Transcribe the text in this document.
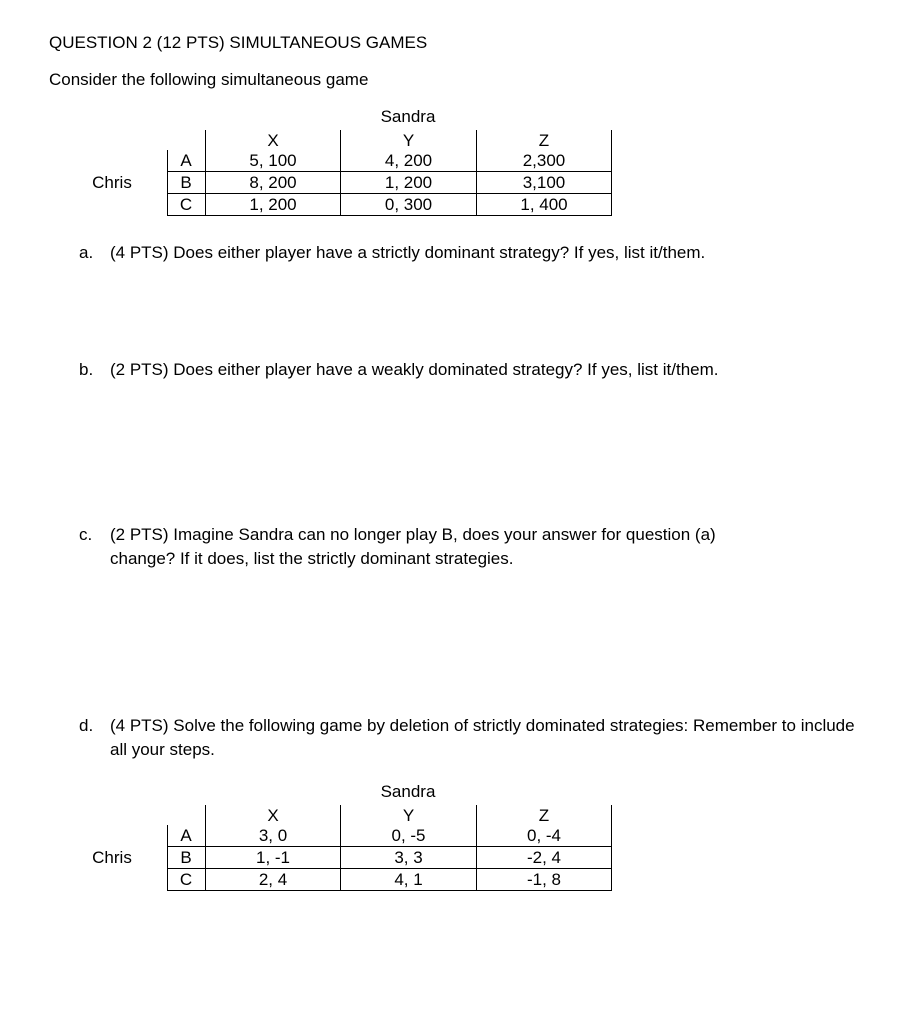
QUESTION 2 (12 PTS) SIMULTANEOUS GAMES
Consider the following simultaneous game
Sandra
X	Y	Z
Chris
A	5, 100	4, 200	2,300
B	8, 200	1, 200	3,100
C	1, 200	0, 300	1, 400
a. (4 PTS) Does either player have a strictly dominant strategy? If yes, list it/them.
b. (2 PTS) Does either player have a weakly dominated strategy? If yes, list it/them.
c. (2 PTS) Imagine Sandra can no longer play B, does your answer for question (a) change? If it does, list the strictly dominant strategies.
d. (4 PTS) Solve the following game by deletion of strictly dominated strategies: Remember to include all your steps.
Sandra
X	Y	Z
Chris
A	3, 0	0, -5	0, -4
B	1, -1	3, 3	-2, 4
C	2, 4	4, 1	-1, 8
